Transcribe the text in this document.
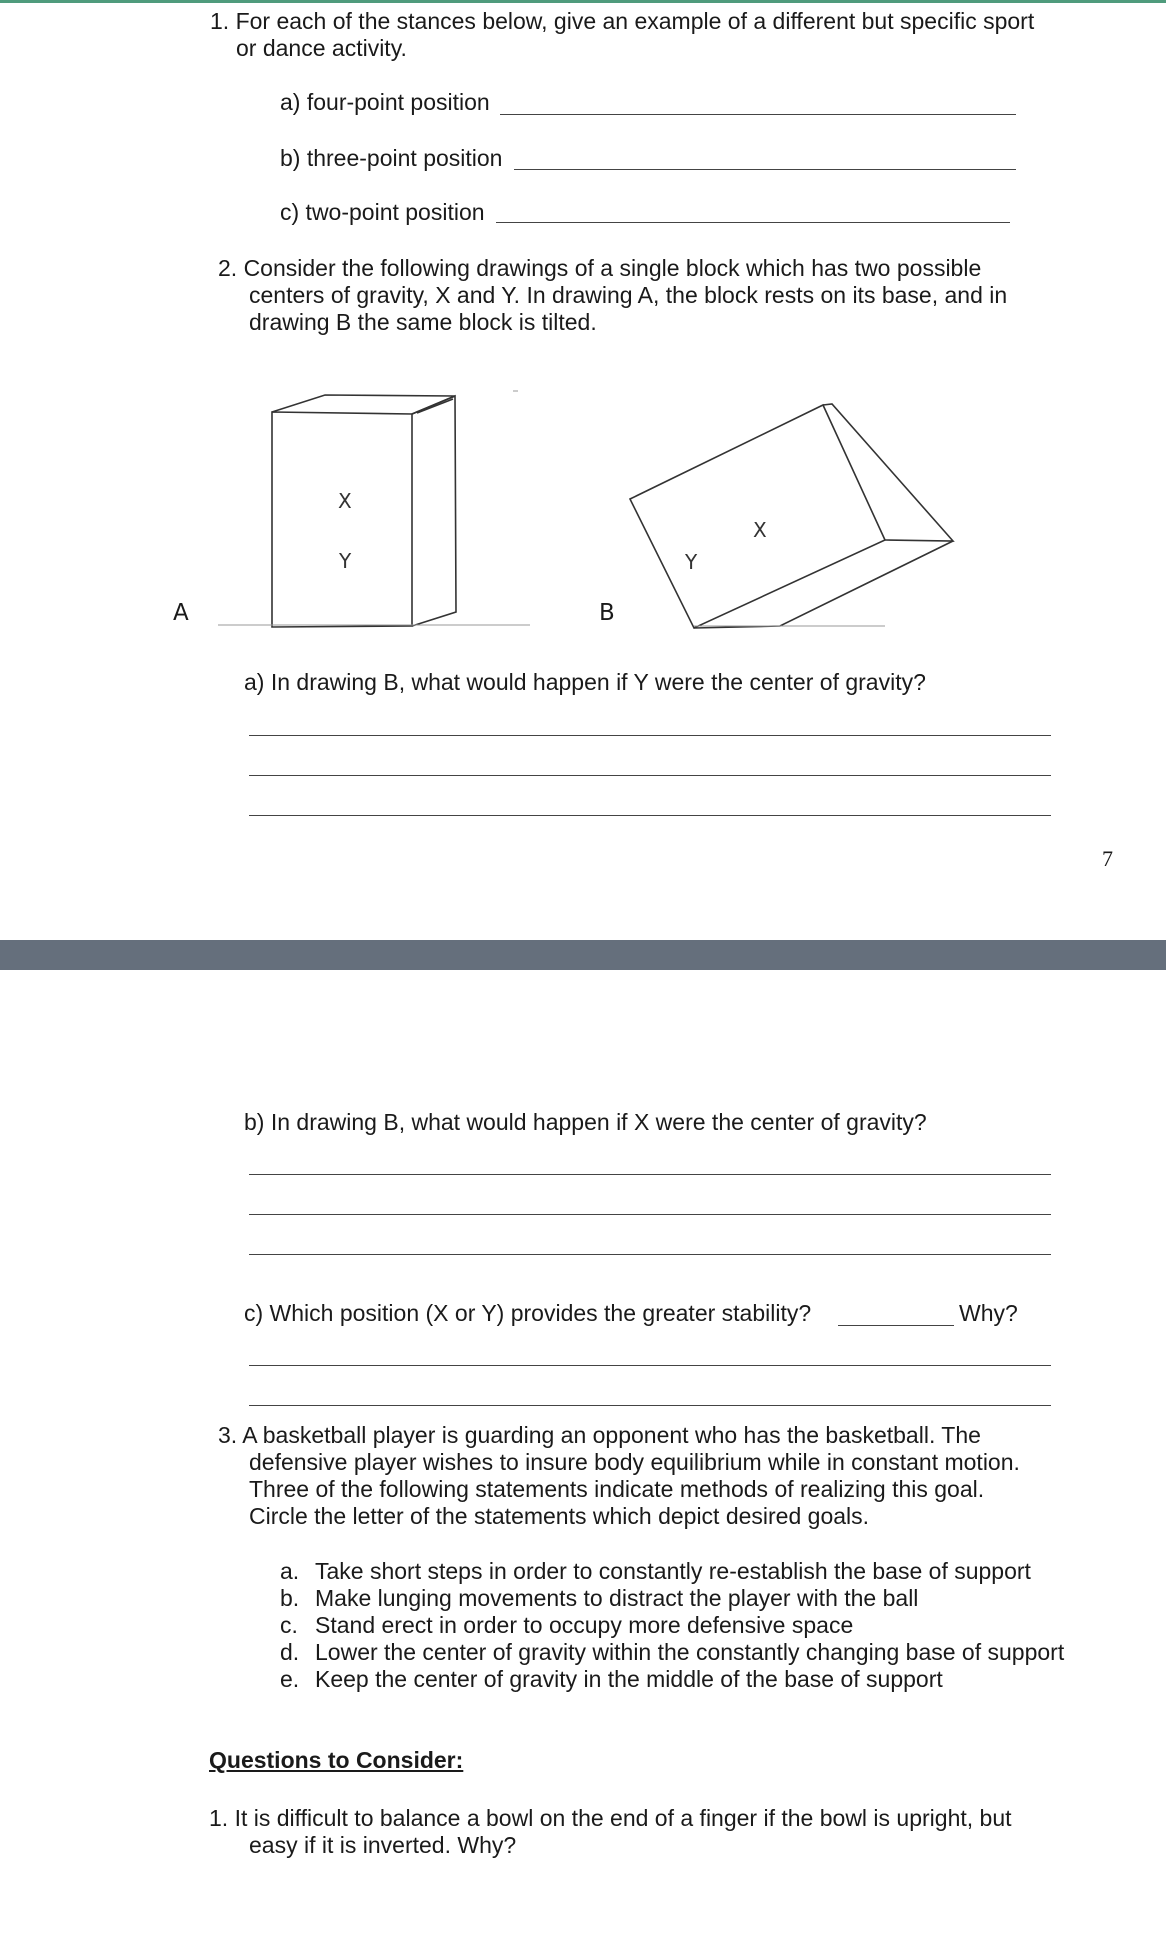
1. For each of the stances below, give an example of a different but specific sport
or dance activity.
a) four-point position
b) three-point position
c) two-point position
2. Consider the following drawings of a single block which has two possible
centers of gravity, X and Y. In drawing A, the block rests on its base, and in
drawing B the same block is tilted.
A	B
X
Y
X
Y
a) In drawing B, what would happen if Y were the center of gravity?
7
b) In drawing B, what would happen if X were the center of gravity?
c) Which position (X or Y) provides the greater stability?	Why?
3. A basketball player is guarding an opponent who has the basketball. The
defensive player wishes to insure body equilibrium while in constant motion.
Three of the following statements indicate methods of realizing this goal.
Circle the letter of the statements which depict desired goals.
a. Take short steps in order to constantly re-establish the base of support
b. Make lunging movements to distract the player with the ball
c. Stand erect in order to occupy more defensive space
d. Lower the center of gravity within the constantly changing base of support
e. Keep the center of gravity in the middle of the base of support
Questions to Consider:
1. It is difficult to balance a bowl on the end of a finger if the bowl is upright, but
easy if it is inverted. Why?
